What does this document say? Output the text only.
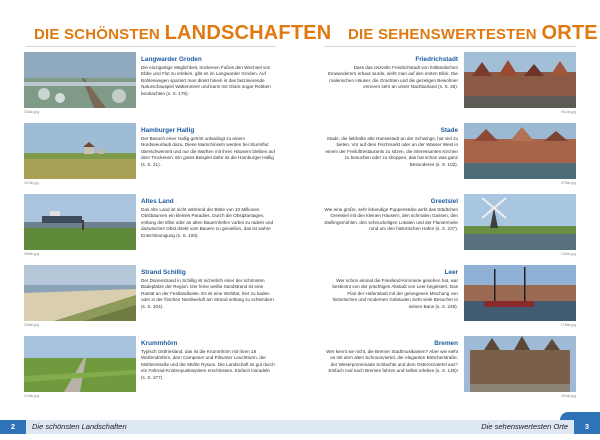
DIE SCHÖNSTEN LANDSCHAFTEN
033ab-jpg
Langwarder Groden
Die einzigartige Möglichkeit, trockenen Fußes den Wechsel von Ebbe und Flut zu erleben, gibt es im Langwarder Groden. Auf Bohlenwegen spaziert man direkt hinein in das faszinierende Naturschauspiel Wattenmeer und kann mit Glück sogar Robben beobachten (s. S. 175).
047ab-jpg
Hamburger Hallig
Der Besuch einer Hallig gehört unbedingt zu einem Nordseeurlaub dazu. Diese Marschinseln werden bei Sturmflut überschwemmt und nur die Warften mit ihren Häusern bleiben auf dem Trockenen. Ein gutes Beispiel dafür ist die Hamburger Hallig (s. S. 21).
089ab-jpg
Altes Land
Das Alte Land ist nicht während der Blüte von 10 Millionen Obstbäumen ein kleines Paradies. Durch die Obstplantagen, entlang der Elbe oder an alten Bauernhöfen vorbei zu radeln und dazwischen Obst direkt vom Bauern zu genießen, das ist wahre Entschleunigung (s. S. 100).
155ab-jpg
Strand Schillig
Der Dünenstrand in Schillig ist sicherlich einer der schönsten Badeplätze der Region. Der feine weiße Sandstrand ist eine Rarität an der Festlandküste. Es ist eine Wohltat, hier zu baden oder in der frischen Nordseeluft am Strand entlang zu schlendern (s. S. 204).
216ab-jpg
Krummhörn
Typisch Ostfriesland, das ist die Krummhörn mit ihren 18 Warfendörfern, dem Campener und Pilsumer Leuchtturm, der Mühlenstraße und der Mühle Rysum. Die Landschaft ist gut durch ein Fahrrad-Knotenpunktsystem erschlossen. Einfach losradeln (s. S. 277).
2	Die schönsten Landschaften
DIE SEHENSWERTESTEN ORTE
Friedrichstadt
Dass das reizvolle Friedrichstadt von holländischen Einwanderern erbaut wurde, sieht man auf den ersten Blick. Die malerischen Häuser, die Grachten und die gezeligen Bewohner erinnern sehr an unser Nachbarland (s. S. 36).
051ab-jpg
Stade
Stade, die liebhafte alte Hansestadt an der Schwinge, hat viel zu bieten. Vor auf dem Fischmarkt oder an der Wasser West in einem der Freiluftrestaurants zu sitzen, die interessanten Kirchen zu besuchen oder zu shoppen, das hat schon was ganz Besonderes (s. S. 102).
079ab-jpg
Greetsiel
Wie eine große, sehr lebendige Puppenstube wirkt das Städtchen Greetsiel mit den kleinen Häusern, den schmalen Gassen, den Zwillingsmühlen, den schnuckeligen Lokalen und der Flaniermeile rund um den historischen Hafen (s. S. 237).
128ab-jpg
Leer
Wer schon einmal die Friesland-Kimmerie gesehen hat, war bestimmt von der prächtigen Altstadt von Leer begeistert. Das Flair der Hafenstadt mit der gelungenen Mischung von historischen und modernen Gebäuden zieht viele Besucher in seinen Bann (s. S. 248).
178ab-jpg
Bremen
Wer kennt sie nicht, die Bremer Stadtmusikanten? Aber wie sieht es mit dem alten Schnoorviertel, der eleganten Böttcherstraße, der Weserpromenade Schlachte und dem Osterorzviertel aus? Einfach mal nach Bremen fahren und selbst erleben (s. S. 145)!
200ab-jpg
3
Die sehenswertesten Orte
